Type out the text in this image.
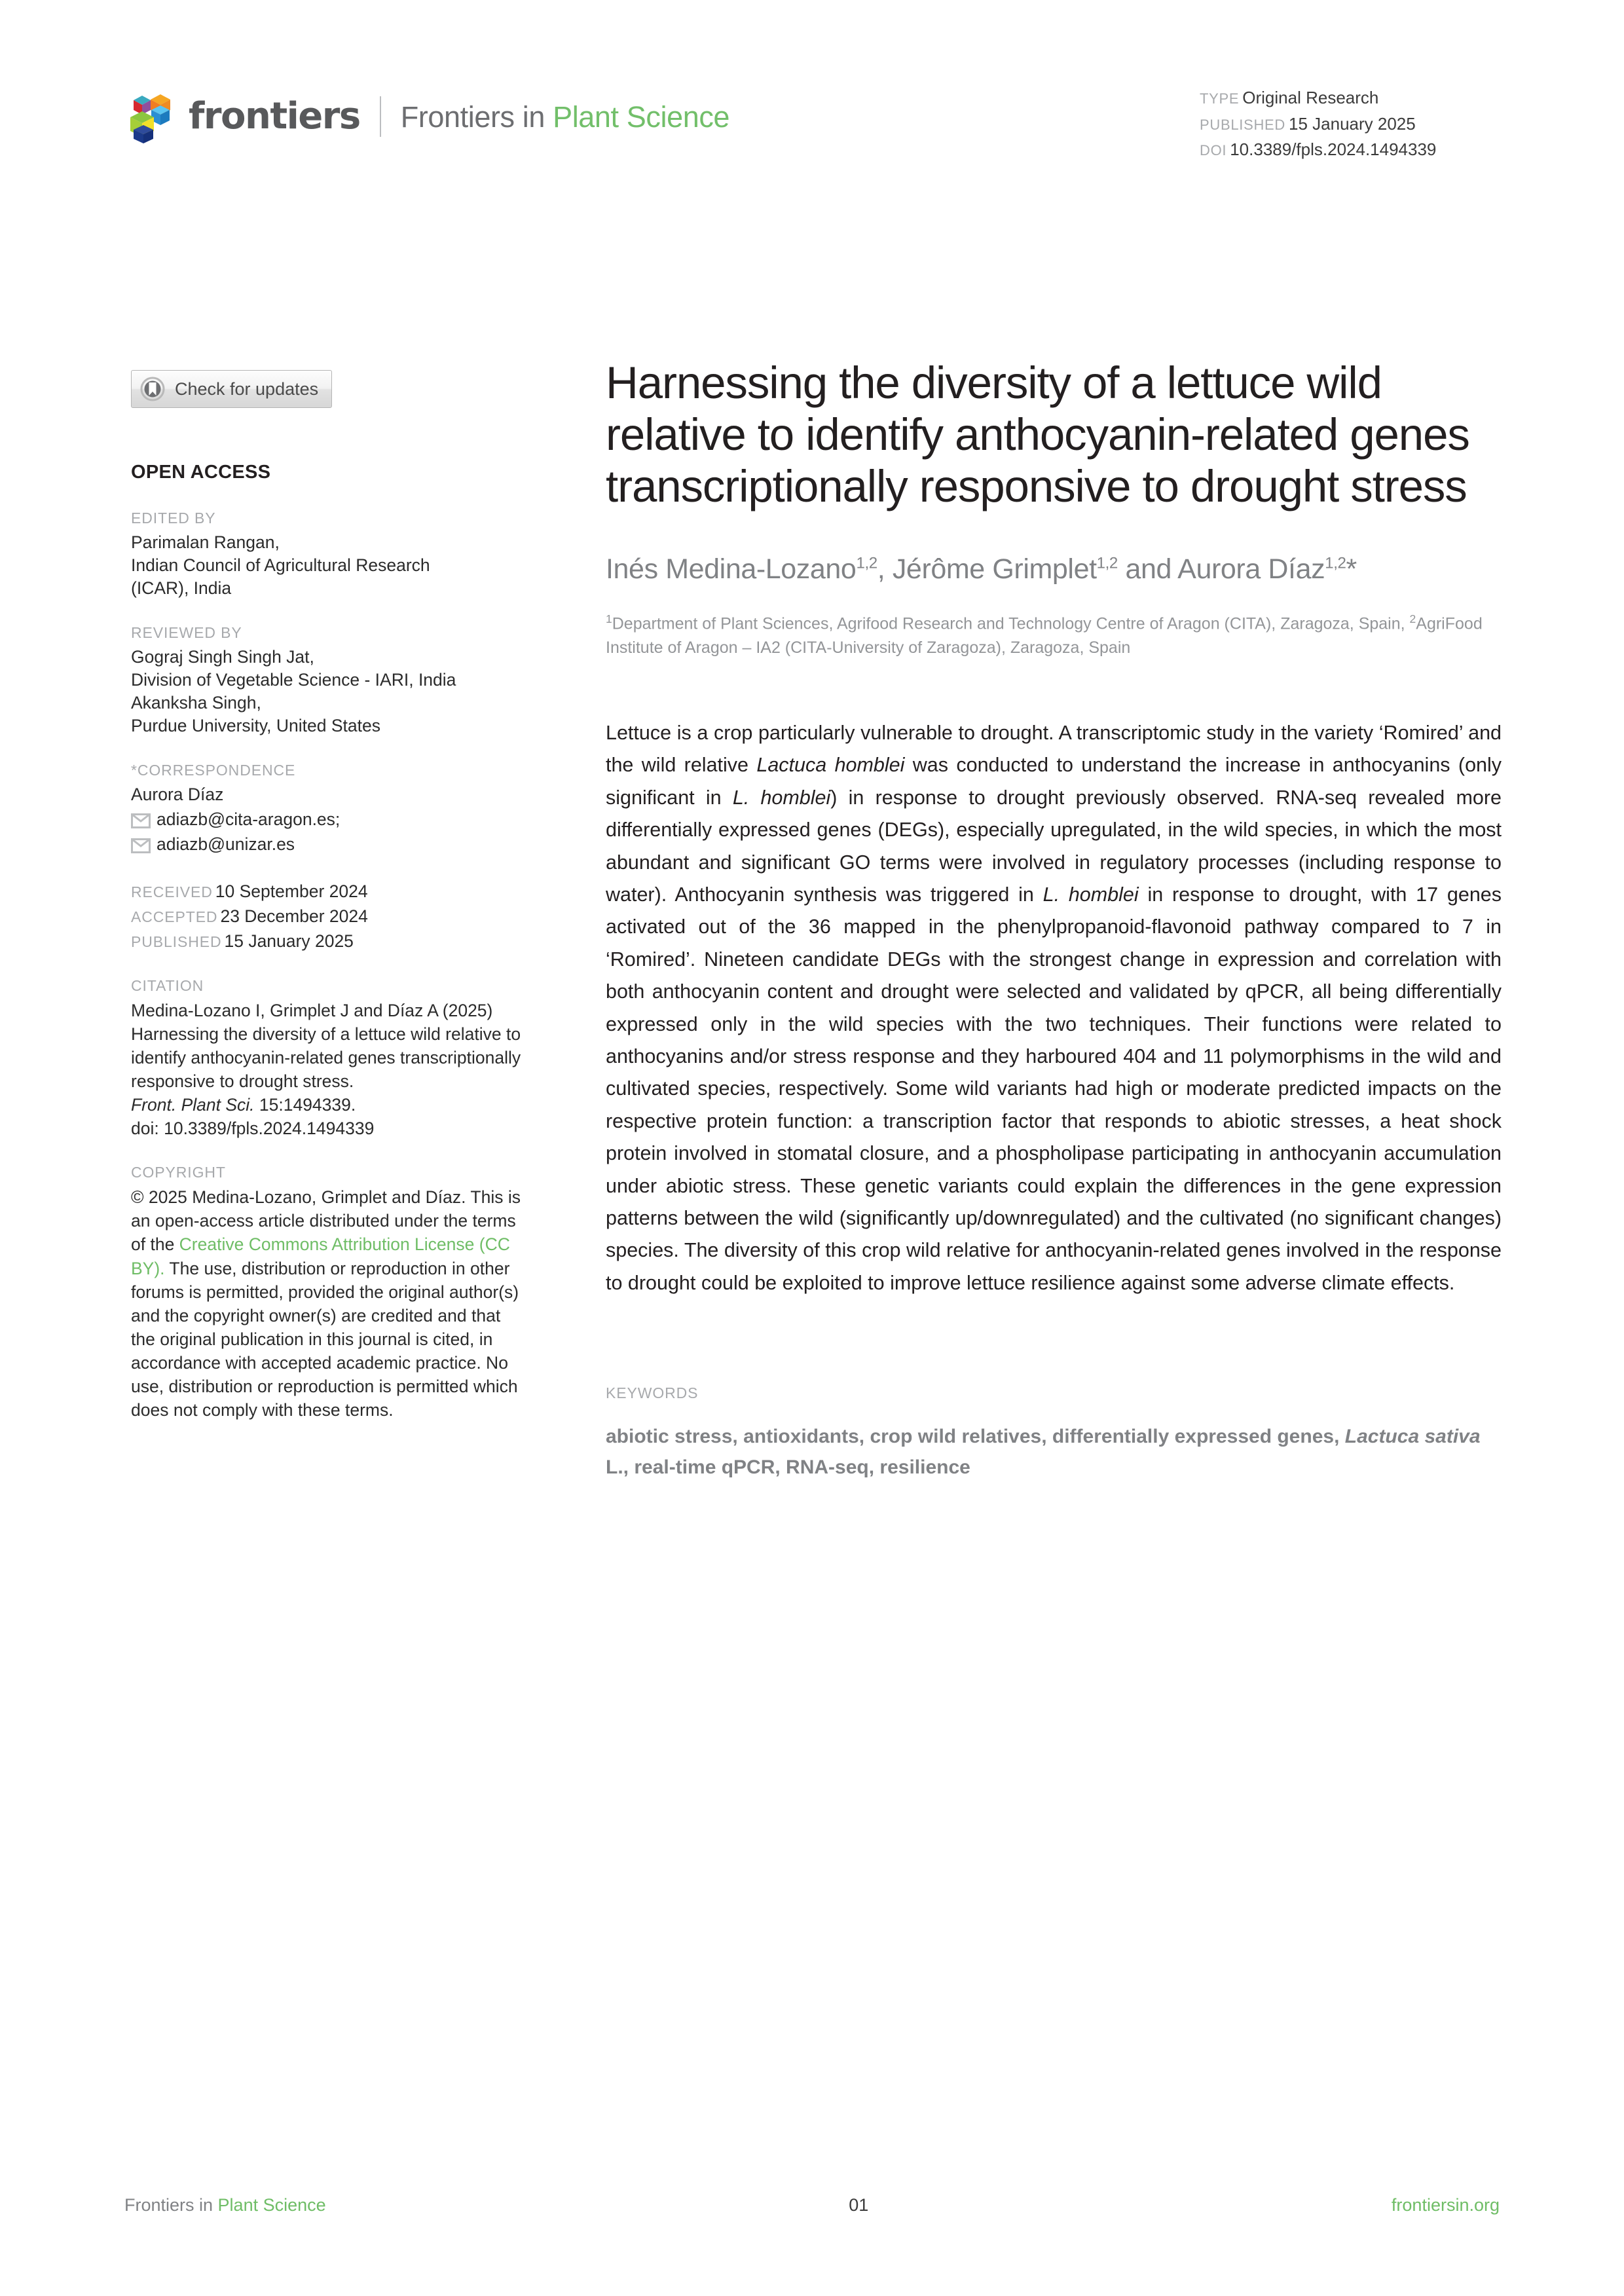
frontiers Frontiers in Plant Science
TYPE Original Research
PUBLISHED 15 January 2025
DOI 10.3389/fpls.2024.1494339
Check for updates
OPEN ACCESS
EDITED BY
Parimalan Rangan,
Indian Council of Agricultural Research
(ICAR), India
REVIEWED BY
Gograj Singh Singh Jat,
Division of Vegetable Science - IARI, India
Akanksha Singh,
Purdue University, United States
*CORRESPONDENCE
Aurora Díaz
adiazb@cita-aragon.es;
adiazb@unizar.es
RECEIVED 10 September 2024
ACCEPTED 23 December 2024
PUBLISHED 15 January 2025
CITATION
Medina-Lozano I, Grimplet J and Díaz A (2025) Harnessing the diversity of a lettuce wild relative to identify anthocyanin-related genes transcriptionally responsive to drought stress.
Front. Plant Sci. 15:1494339.
doi: 10.3389/fpls.2024.1494339
COPYRIGHT
© 2025 Medina-Lozano, Grimplet and Díaz. This is an open-access article distributed under the terms of the Creative Commons Attribution License (CC BY). The use, distribution or reproduction in other forums is permitted, provided the original author(s) and the copyright owner(s) are credited and that the original publication in this journal is cited, in accordance with accepted academic practice. No use, distribution or reproduction is permitted which does not comply with these terms.
Harnessing the diversity of a lettuce wild relative to identify anthocyanin-related genes transcriptionally responsive to drought stress
Inés Medina-Lozano$^{1,2}$, Jérôme Grimplet$^{1,2}$ and Aurora Díaz$^{1,2}$*
$^1$Department of Plant Sciences, Agrifood Research and Technology Centre of Aragon (CITA), Zaragoza, Spain, $^2$AgriFood Institute of Aragon – IA2 (CITA-University of Zaragoza), Zaragoza, Spain
Lettuce is a crop particularly vulnerable to drought. A transcriptomic study in the variety ‘Romired’ and the wild relative Lactuca homblei was conducted to understand the increase in anthocyanins (only significant in L. homblei) in response to drought previously observed. RNA-seq revealed more differentially expressed genes (DEGs), especially upregulated, in the wild species, in which the most abundant and significant GO terms were involved in regulatory processes (including response to water). Anthocyanin synthesis was triggered in L. homblei in response to drought, with 17 genes activated out of the 36 mapped in the phenylpropanoid-flavonoid pathway compared to 7 in ‘Romired’. Nineteen candidate DEGs with the strongest change in expression and correlation with both anthocyanin content and drought were selected and validated by qPCR, all being differentially expressed only in the wild species with the two techniques. Their functions were related to anthocyanins and/or stress response and they harboured 404 and 11 polymorphisms in the wild and cultivated species, respectively. Some wild variants had high or moderate predicted impacts on the respective protein function: a transcription factor that responds to abiotic stresses, a heat shock protein involved in stomatal closure, and a phospholipase participating in anthocyanin accumulation under abiotic stress. These genetic variants could explain the differences in the gene expression patterns between the wild (significantly up/downregulated) and the cultivated (no significant changes) species. The diversity of this crop wild relative for anthocyanin-related genes involved in the response to drought could be exploited to improve lettuce resilience against some adverse climate effects.
KEYWORDS
abiotic stress, antioxidants, crop wild relatives, differentially expressed genes, Lactuca sativa L., real-time qPCR, RNA-seq, resilience
Frontiers in Plant Science	01	frontiersin.org
